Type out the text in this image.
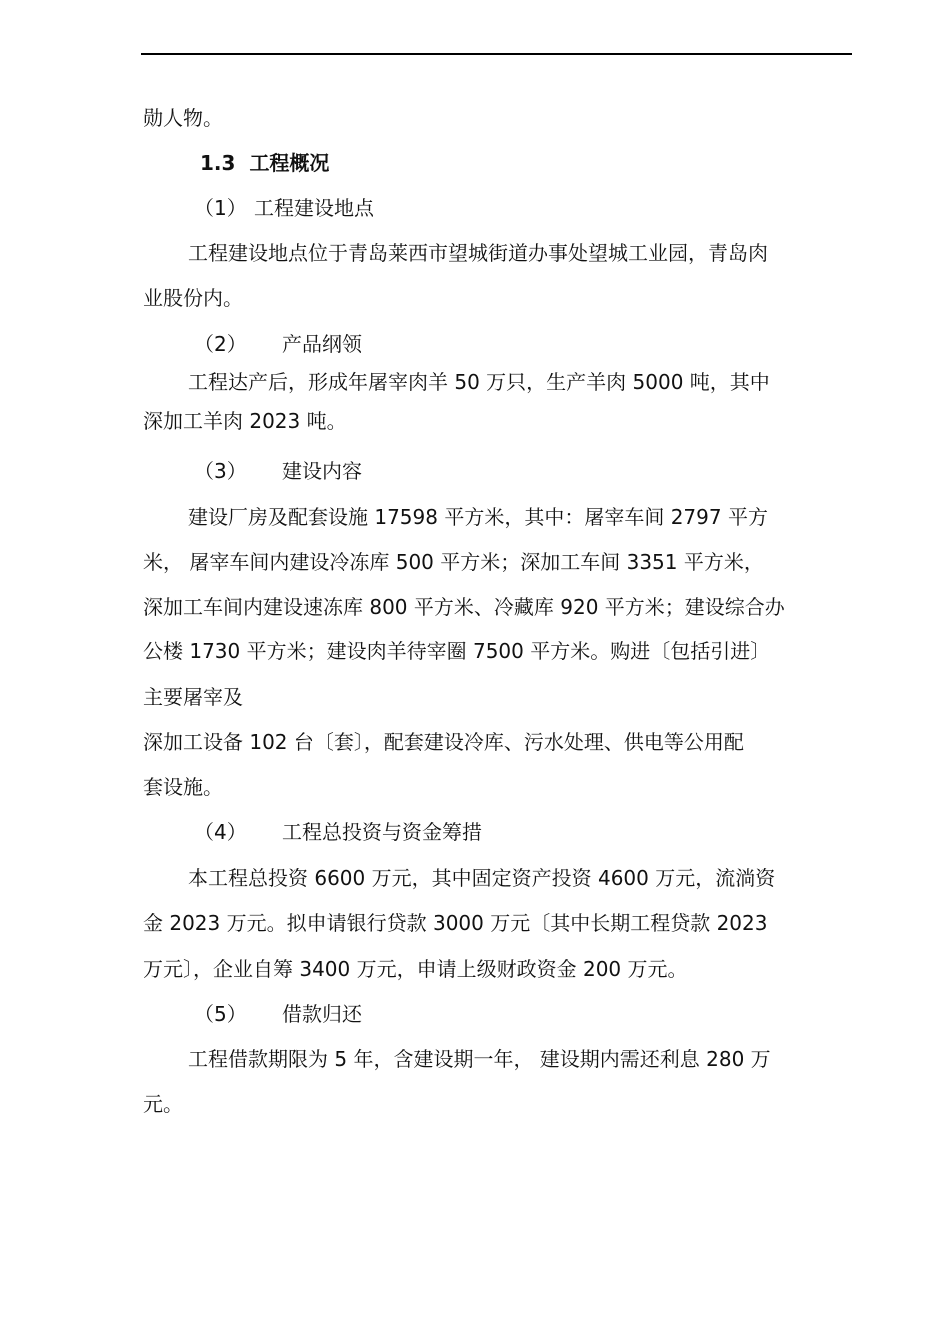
勋人物。
1.3 工程概况
（1） 工程建设地点
工程建设地点位于青岛莱西市望城街道办事处望城工业园，青岛肉
业股份内。
（2） 产品纲领
工程达产后，形成年屠宰肉羊 50 万只，生产羊肉 5000 吨，其中
深加工羊肉 2023 吨。
（3） 建设内容
建设厂房及配套设施 17598 平方米，其中：屠宰车间 2797 平方
米， 屠宰车间内建设冷冻库 500 平方米；深加工车间 3351 平方米，
深加工车间内建设速冻库 800 平方米、冷藏库 920 平方米；建设综合办
公楼 1730 平方米；建设肉羊待宰圈 7500 平方米。购进〔包括引进〕
主要屠宰及
深加工设备 102 台〔套〕，配套建设冷库、污水处理、供电等公用配
套设施。
（4） 工程总投资与资金筹措
本工程总投资 6600 万元，其中固定资产投资 4600 万元，流淌资
金 2023 万元。拟申请银行贷款 3000 万元〔其中长期工程贷款 2023
万元〕，企业自筹 3400 万元，申请上级财政资金 200 万元。
（5） 借款归还
工程借款期限为 5 年，含建设期一年， 建设期内需还利息 280 万
元。
